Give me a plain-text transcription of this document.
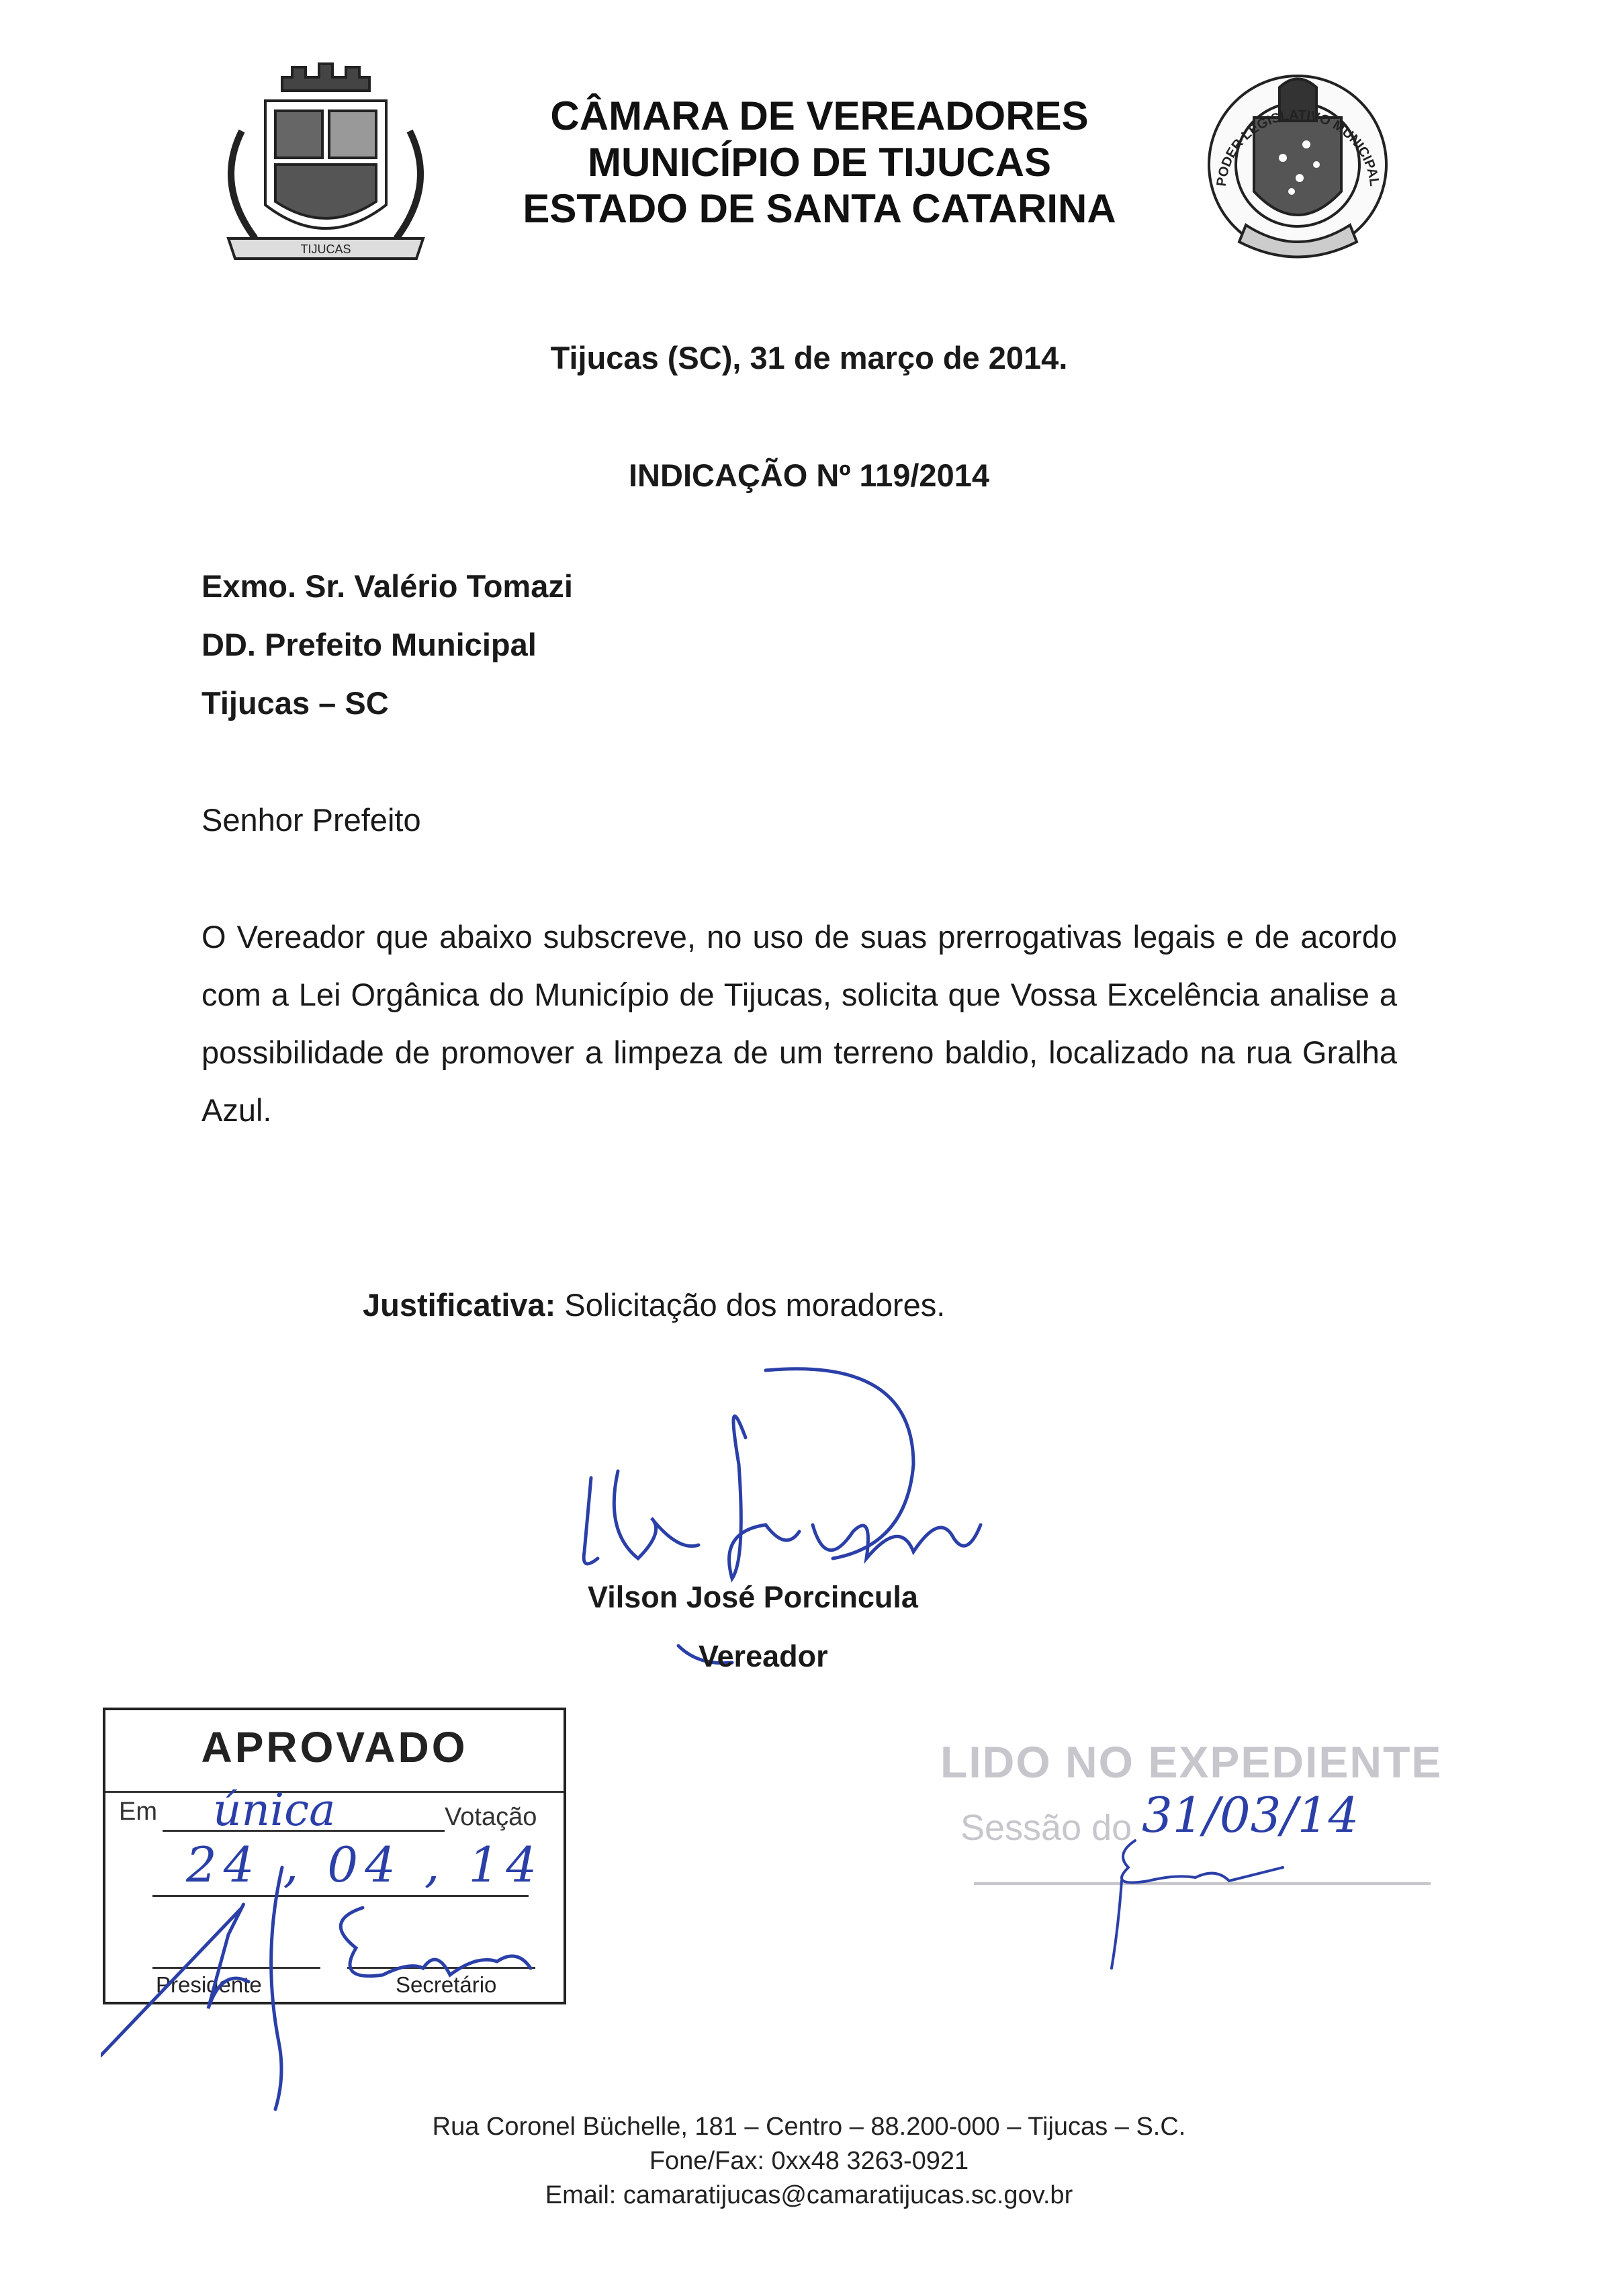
TIJUCAS
PODER LEGISLATIVO MUNICIPAL
CÂMARA DE VEREADORES
MUNICÍPIO DE TIJUCAS
ESTADO DE SANTA CATARINA
Tijucas (SC), 31 de março de 2014.
INDICAÇÃO Nº 119/2014
Exmo. Sr. Valério Tomazi
DD. Prefeito Municipal
Tijucas – SC
Senhor Prefeito
O Vereador que abaixo subscreve, no uso de suas prerrogativas legais e de acordo com a Lei Orgânica do Município de Tijucas, solicita que Vossa Excelência analise a possibilidade de promover a limpeza de um terreno baldio, localizado na rua Gralha Azul.
Justificativa: Solicitação dos moradores.
Vilson José Porcincula
Vereador
APROVADO
Em	Votação
única
24 , 04 , 14
Presidente	Secretário
LIDO NO EXPEDIENTE
Sessão do 31/03/14
Rua Coronel Büchelle, 181 – Centro – 88.200-000 – Tijucas – S.C.
Fone/Fax: 0xx48 3263-0921
Email: camaratijucas@camaratijucas.sc.gov.br
